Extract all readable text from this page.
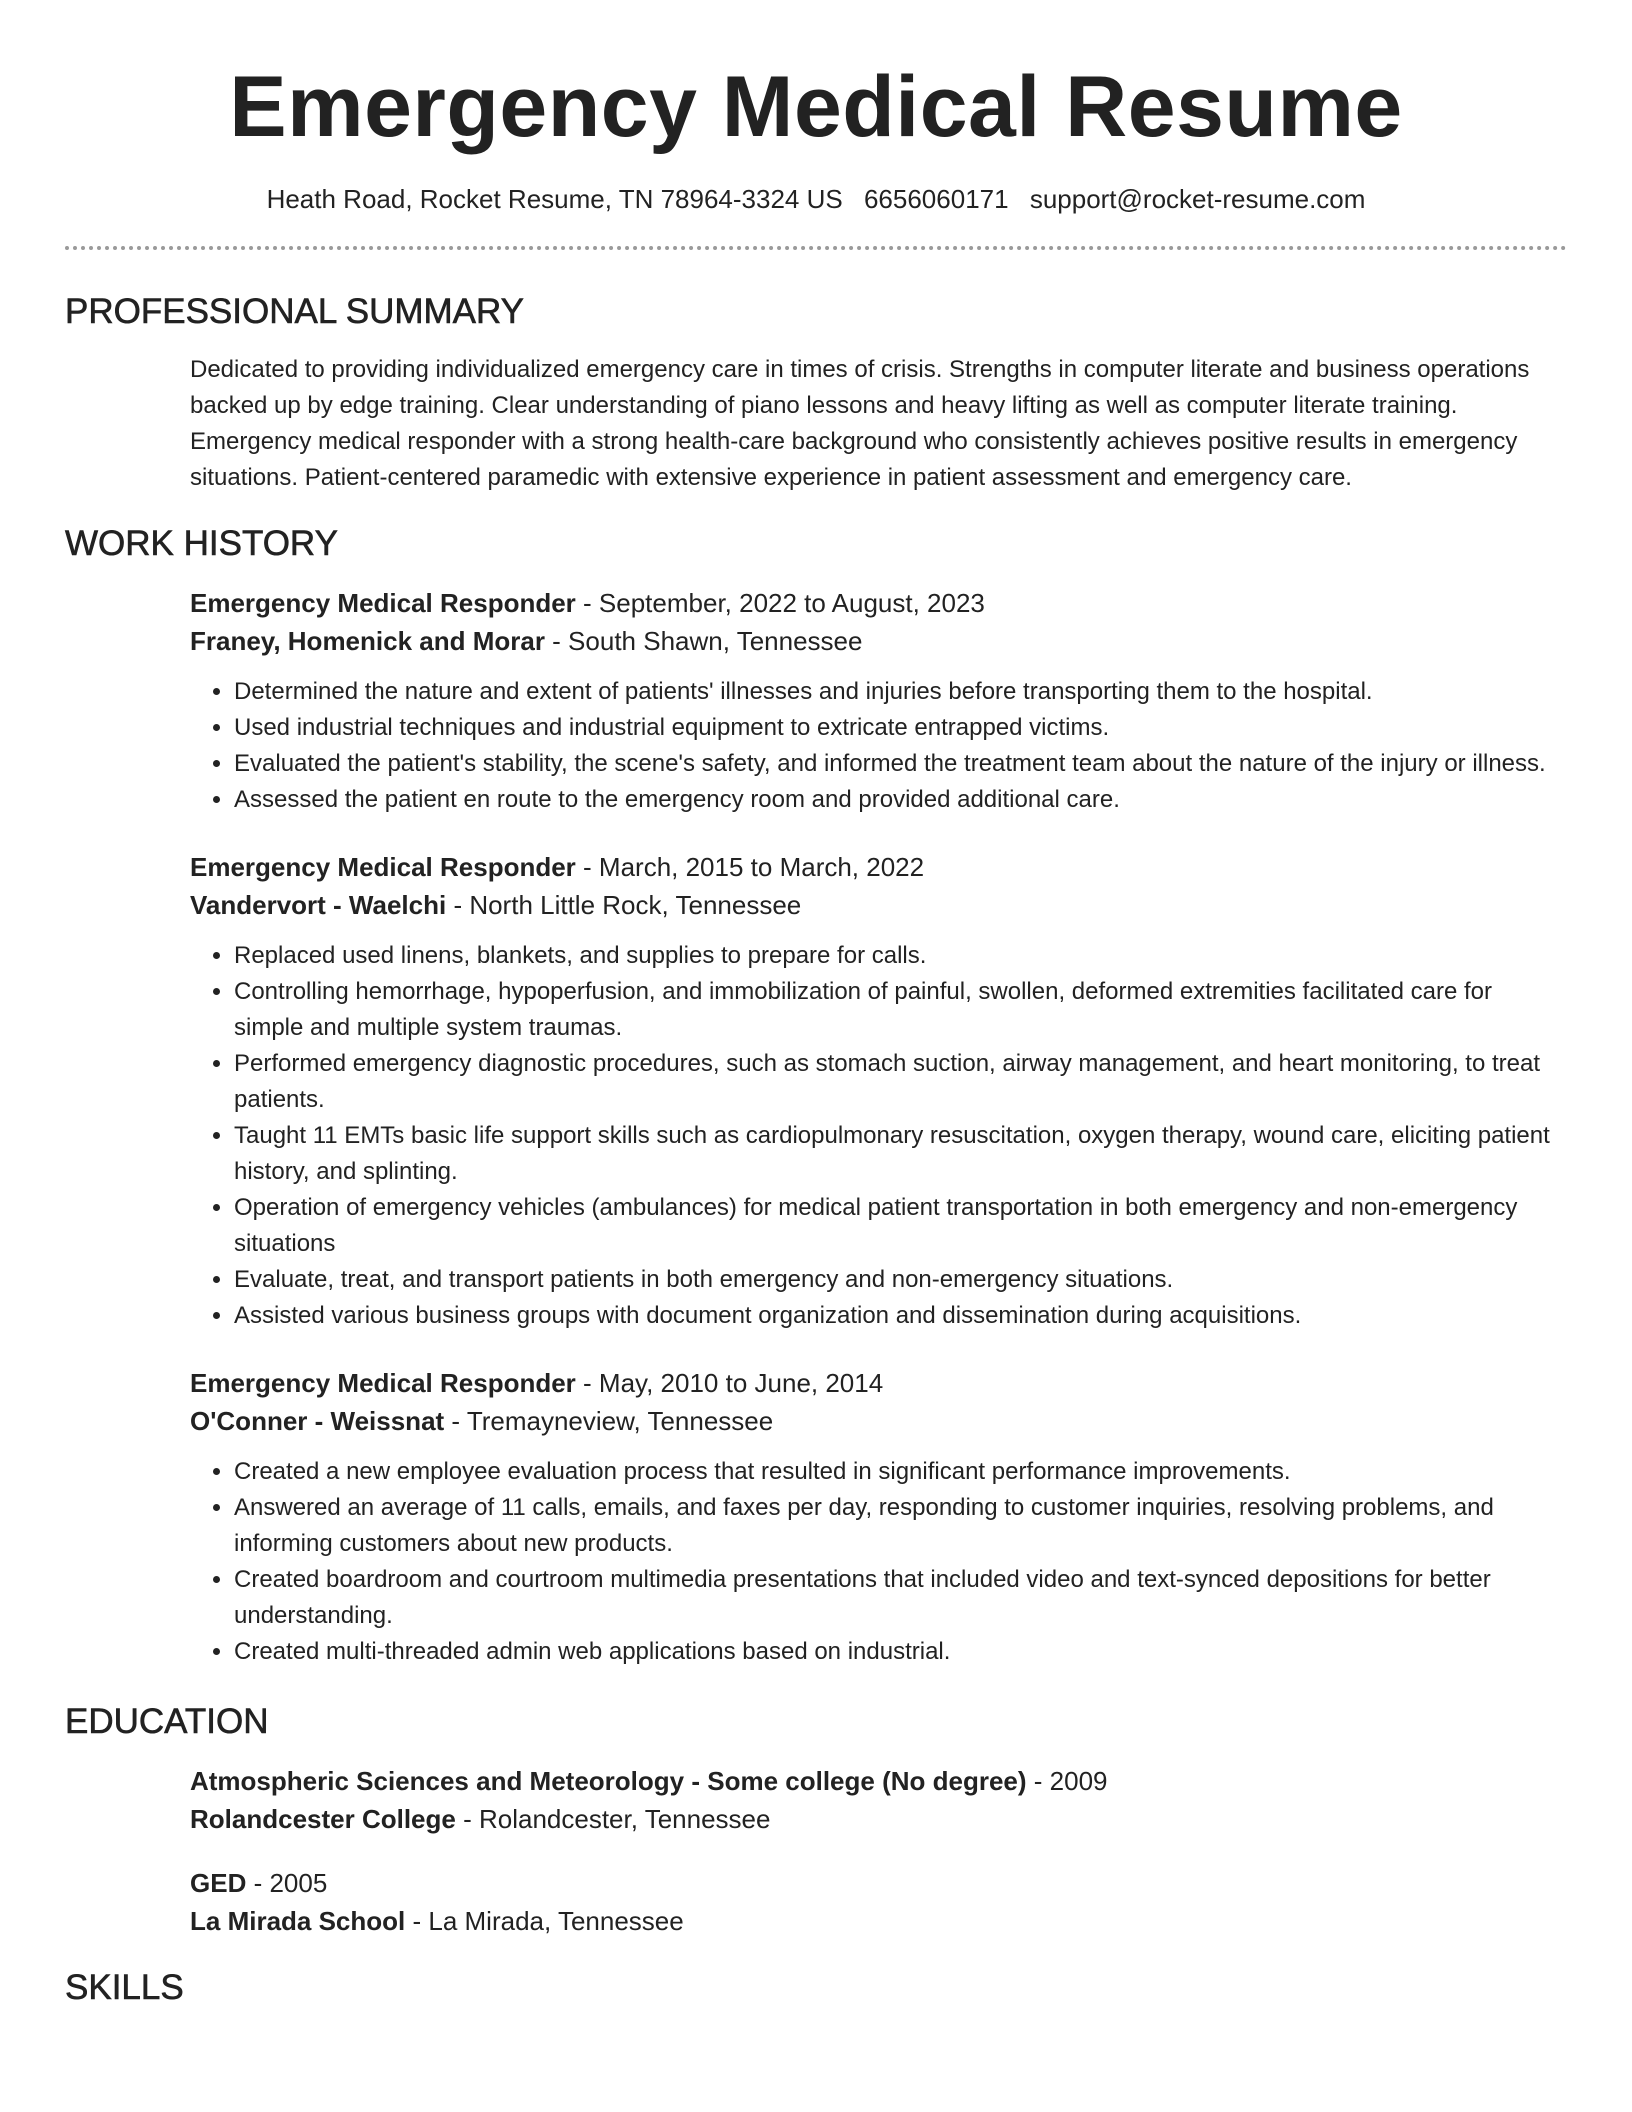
Emergency Medical Resume
Heath Road, Rocket Resume, TN 78964-3324 US 6656060171 support@rocket-resume.com
PROFESSIONAL SUMMARY

Dedicated to providing individualized emergency care in times of crisis. Strengths in computer literate and business operations backed up by edge training. Clear understanding of piano lessons and heavy lifting as well as computer literate training. Emergency medical responder with a strong health-care background who consistently achieves positive results in emergency situations. Patient-centered paramedic with extensive experience in patient assessment and emergency care.

WORK HISTORY

Emergency Medical Responder - September, 2022 to August, 2023

Franey, Homenick and Morar - South Shawn, Tennessee

• Determined the nature and extent of patients' illnesses and injuries before transporting them to the hospital.
• Used industrial techniques and industrial equipment to extricate entrapped victims.
• Evaluated the patient's stability, the scene's safety, and informed the treatment team about the nature of the injury or illness.
• Assessed the patient en route to the emergency room and provided additional care.

Emergency Medical Responder - March, 2015 to March, 2022

Vandervort - Waelchi - North Little Rock, Tennessee

• Replaced used linens, blankets, and supplies to prepare for calls.
• Controlling hemorrhage, hypoperfusion, and immobilization of painful, swollen, deformed extremities facilitated care for simple and multiple system traumas.
• Performed emergency diagnostic procedures, such as stomach suction, airway management, and heart monitoring, to treat patients.
• Taught 11 EMTs basic life support skills such as cardiopulmonary resuscitation, oxygen therapy, wound care, eliciting patient history, and splinting.
• Operation of emergency vehicles (ambulances) for medical patient transportation in both emergency and non-emergency situations
• Evaluate, treat, and transport patients in both emergency and non-emergency situations.
• Assisted various business groups with document organization and dissemination during acquisitions.

Emergency Medical Responder - May, 2010 to June, 2014

O'Conner - Weissnat - Tremayneview, Tennessee

• Created a new employee evaluation process that resulted in significant performance improvements.
• Answered an average of 11 calls, emails, and faxes per day, responding to customer inquiries, resolving problems, and informing customers about new products.
• Created boardroom and courtroom multimedia presentations that included video and text-synced depositions for better understanding.
• Created multi-threaded admin web applications based on industrial.
EDUCATION

Atmospheric Sciences and Meteorology - Some college (No degree) - 2009

Rolandcester College - Rolandcester, Tennessee

GED - 2005

La Mirada School - La Mirada, Tennessee

SKILLS
